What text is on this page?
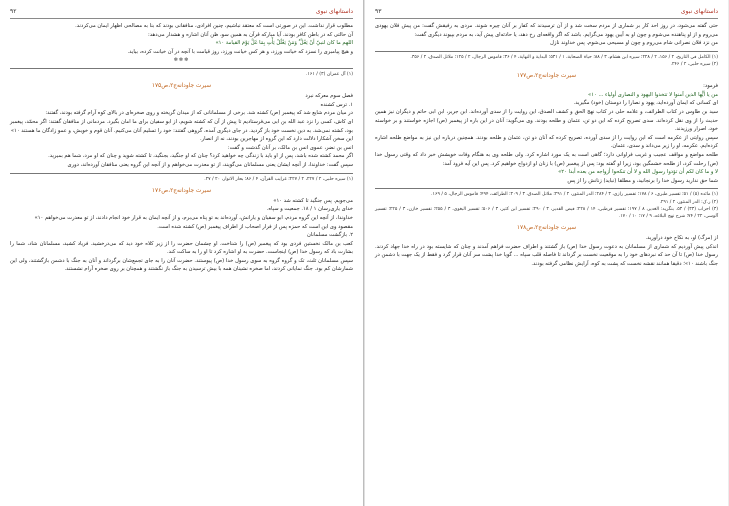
داستانهای نبوی
۹۲

مطلوب قرار نداشت. این در صورتی است که معتقد نباشیم، چنین افرادی، منافقانی بودند که بنا به مصالحی اظهار ایمان می‌کردند.

آن حالتی که در باطن کافر بودند. آیا مبارکه قرآن به همین سو، ظن آنان اشاره و هشدار می‌دهد:

اللهم ما كان لنبيّ أنْ يَغُلَّ ۚ وَمَنْ يَغْلُلْ يَأْتِ بِمَا غَلَّ يَوْمَ القيامة ۱۰»

و هیچ پیامبری را نسزد که خیانت ورزد، و هر کس خیانت ورزد، روز قیامت با آنچه در آن خیانت کرده، بیاید.

✽✽✽

(۱) آل عمران (۳) / ۱۶۱.

سیرت جاودانه‌ج۲،ص۱۷۵

فصل سوم معرکه نبرد

۱. ترس کشنده

در میان مردم شایع شد که پیغمبر (ص) کشته شد. برخی از مسلمانانی که از میدان گریخته و روی صخره‌ای در بالای کوه آرام گرفته بودند، گفتند:

ای کاش، کسی را نزد عبد الله بن ابی می‌فرستادیم تا پیش از آن که کشته شویم، از ابو سفیان برای ما امان بگیرد. مردمانی از منافقان گفتند: اگر محمّد، پیغمبر بود، کشته نمی‌شد. به دین نخست خود باز گردید. در جای دیگری آمده، گروهی گفتند: خود را تسلیم آنان می‌کنیم. آنان قوم و خویش، و عمو زادگان ما هستند ۱۰»

این سخن آشکارا دلالت دارد که این گروه از مهاجرین بودند، نه از انصار.

انس بن نضر، عموی انس بن مالک، بر آنان گذشت و گفت:

اگر محمد کشته شده باشد، پس از او باید با زندگی چه خواهید کرد؟ چنان که او جنگید، بجنگید، تا کشته شوید و چنان که او مرد، شما هم بمیرید.

سپس گفت: خداوندا، از آنچه ایشان یعنی مسلمانان می‌گویند، از تو معذرت می‌خواهم و از آنچه این گروه یعنی منافقان آورده‌اند، دوری

(۱) سیره حلبی، ۲ / ۲۲۷، ۲ / ۲۲۷؛ غرایب القرآن، ۴ / ۸۶؛ بحار الانوار، ۲۰ / ۲۷.

سیرت جاودانه‌ج۲،ص۱۷۶

می‌جویم. پس جنگید تا کشته شد ۱۰»

خدای یاری‌رسان ۱ / ۱۸. جمعیت و سپاه.

خداوندا، از آنچه این گروه مردم، ابو سفیان و یارانش، آورده‌اند به تو پناه می‌برم، و از آنچه ایمان به قرار خود انجام دادند، از تو معذرت می‌خواهم ۱۰»

مقصود وی این است که حمزه پس از فرار اصحاب از اطراف پیغمبر (ص) کشته شده است.

۲. بازگشت مسلمانان

کعب بن مالک نخستین فردی بود که پیغمبر (ص) را شناخت. او چشمان حضرت را از زیر کلاه خود دید که می‌درخشید. فریاد کشید، مسلمانان شاد، شما را بشارت باد که رسول خدا (ص) اینجاست. حضرت به او اشاره کرد تا او را به ساکت کند.

سپس مسلمانان ثلث، تک و گروه گروه به سوی رسول خدا (ص) پیوستند. حضرت آنان را به جای تجمع‌شان برگرداند و آنان به جنگ با دشمن بازگشتند، ولی این شمارشان کم بود. جنگ نمایانی کردند، اما صخره نشینان همه با بیش ترسیدن به جنگ باز نگشتند و همچنان بر روی صخره آرام نشستند.

داستانهای نبوی
۹۳

حتی گفته می‌شود، در روز احد کار بر شماری از مردم سخت شد و از آن ترسیدند که کفار بر آنان چیره شوند. مردی به رفیقش گفت: من پیش فلان یهودی می‌روم و از او پناهنده می‌شوم و چون او به آیین یهود می‌گرایم. باشد که اگر واقعه‌ای رخ دهد، یا حادثه‌ای پیش آید، به مردم بپیوند دیگری گفت:

من نزد فلان نصرانی شام می‌روم و چون او مسیحی می‌شوم. پس خداوند نازل

(۱) الكامل في التاريخ، ۲ / ۱۵۶، ۲ / ۲۲۸؛ سيره ابن هشام، ۳ / ۸۸؛ حياة الصحابة، ۱ / ۵۳۱؛ البداية و النهاية، ۴ / ۳۶؛ قاموس الرجال، ۲ / ۱۲۵؛ ملاتل الصدق، ۲ / ۳۵۶.

(۲) سیره حلبی، ۲ / ۲۴۶.

سیرت جاودانه‌ج۲،ص۱۷۷

فرمود:

من يا أيُّها الذين آمنوا لا تتخذوا اليهود و النصارى أولياء ... ۱۰»

ای کسانی که ایمان آورده‌اید، یهود و نصارا را دوستان (خود) مگیرید.

سید بن طاوس در کتاب الطرائف، و علامه حلی در کتاب نهج الحق و کشف الصدق، این روایت را از سدی آورده‌اند. ابن جریر، ابن ابی حاتم و دیگران نیز همین حدیث را از وی نقل کرده‌اند. سدی تصریح کرده که این دو تن، عثمان و طلحه بودند. وی می‌گوید: آنان در این باره از پیغمبر (ص) اجازه خواستند و بر خواسته خود، اصرار ورزیدند.

سپس روایتی از عکرمه است که این روایت را از سدی آورده، تصریح کرده که آنان دو تن، عثمان و طلحه بودند. همچنین درباره این نیز به مواضع طلحه اشاره کرده‌ایم. عکرمه، او را زیر می‌داند و سدی، عثمان.

طلحه مواضع و مواقف عجیب و غریب فراوانی دارد؛ گاهی است به یک مورد اشاره کرد. ولی طلحه وی به هنگام وفات خویشش خبر داد که وقتی رسول خدا (ص) رحلت کرد، از طلحه خشمگین بود، زیرا او گفته بود: پس از پیغمبر (ص) با زنان او ازدواج خواهیم کرد. پس این آیه فرود آمد:

لا و ما كان لكم أن تؤذوا رسول الله و لا أن تنكحوا أزواجه من بعده أبدا ۲۰»

شما حق ندارید رسول خدا را برنجانید، و مطلقا (نباید) زنانش را از پس

(۱) مائده (۵) / ۵۱؛ تفسیر طبری، ۶ / ۱۷۸؛ تفسیر رازی، ۳ / ۲۸۴؛ الدر المنثور، ۲ / ۲۹۱؛ ملاتل الصدق، ۳ / ۲۰۹؛ الطرائف، ۴۹۴؛ قاموس الرجال، ۵ / ۱۶۹.

(۲) ر.ک: الدر المنثور، ۲ / ۲۹۱.

(۳) احزاب (۳۳) / ۵۳. بنگرید: الغدیر، ۸ / ۱۹۷؛ تفسیر قرطبی، ۱۴ / ۲۲۸؛ فیض القدیر، ۳ / ۲۹۰؛ تفسیر ابن کثیر، ۳ / ۵۰۶؛ تفسیر البغوی، ۳ / ۲۵۵؛ تفسیر خازن، ۳ / ۲۲۵؛ تفسیر آلوسی، ۲۲ / ۷۴؛ شرح نهج البلاغه، ۹ / ۱۷؛ ۱۰ / ۱۷۰.

سیرت جاودانه‌ج۲،ص۱۷۸

از (مرگ) او، به نکاح خود درآورید.

اندکی پیش آوردیم که شماری از مسلمانان به دعوت رسول خدا (ص) باز گشتند و اطراف حضرت فراهم آمدند و چنان که شایسته بود در راه خدا جهاد کردند. رسول خدا (ص) تا آن حد که نبردهای خود را به موقعیت نخست بر گرداند تا فاصله قلب سپاه ... گویا خدا پشت سر آنان قرار گرد و فقط از یک جهت با دشمن در جنگ باشند ۱۰»؛ دقیقا همانند نقشه نخست که پشت به کوه، آرایش نظامی گرفته بودند.
